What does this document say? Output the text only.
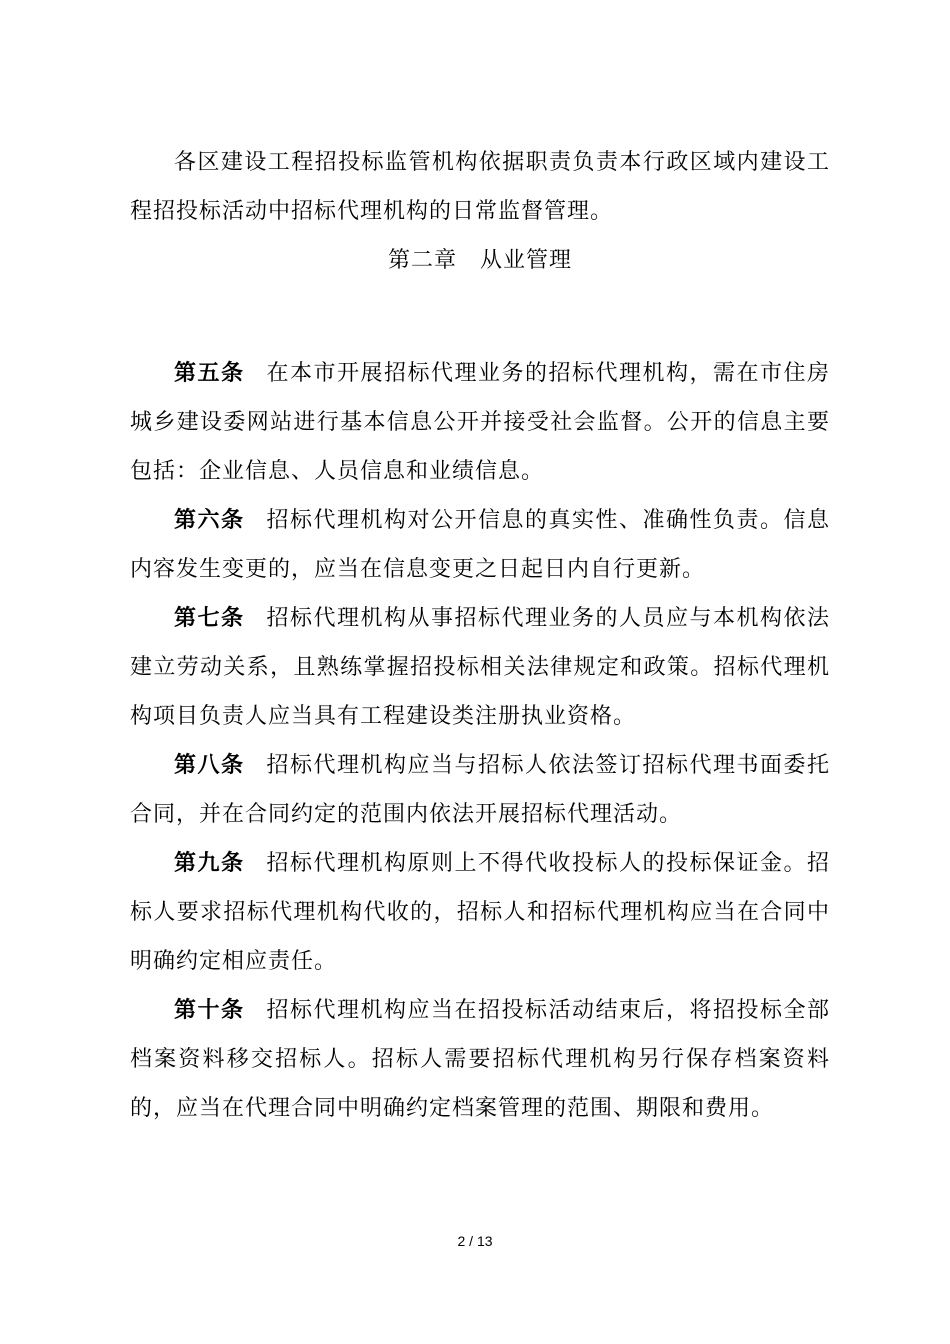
各区建设工程招投标监管机构依据职责负责本行政区域内建设工程招投标活动中招标代理机构的日常监督管理。

第二章　从业管理

第五条 在本市开展招标代理业务的招标代理机构，需在市住房城乡建设委网站进行基本信息公开并接受社会监督。公开的信息主要包括：企业信息、人员信息和业绩信息。

第六条 招标代理机构对公开信息的真实性、准确性负责。信息内容发生变更的，应当在信息变更之日起日内自行更新。

第七条 招标代理机构从事招标代理业务的人员应与本机构依法建立劳动关系，且熟练掌握招投标相关法律规定和政策。招标代理机构项目负责人应当具有工程建设类注册执业资格。

第八条 招标代理机构应当与招标人依法签订招标代理书面委托合同，并在合同约定的范围内依法开展招标代理活动。

第九条 招标代理机构原则上不得代收投标人的投标保证金。招标人要求招标代理机构代收的，招标人和招标代理机构应当在合同中明确约定相应责任。

第十条 招标代理机构应当在招投标活动结束后，将招投标全部档案资料移交招标人。招标人需要招标代理机构另行保存档案资料的，应当在代理合同中明确约定档案管理的范围、期限和费用。

2 / 13
